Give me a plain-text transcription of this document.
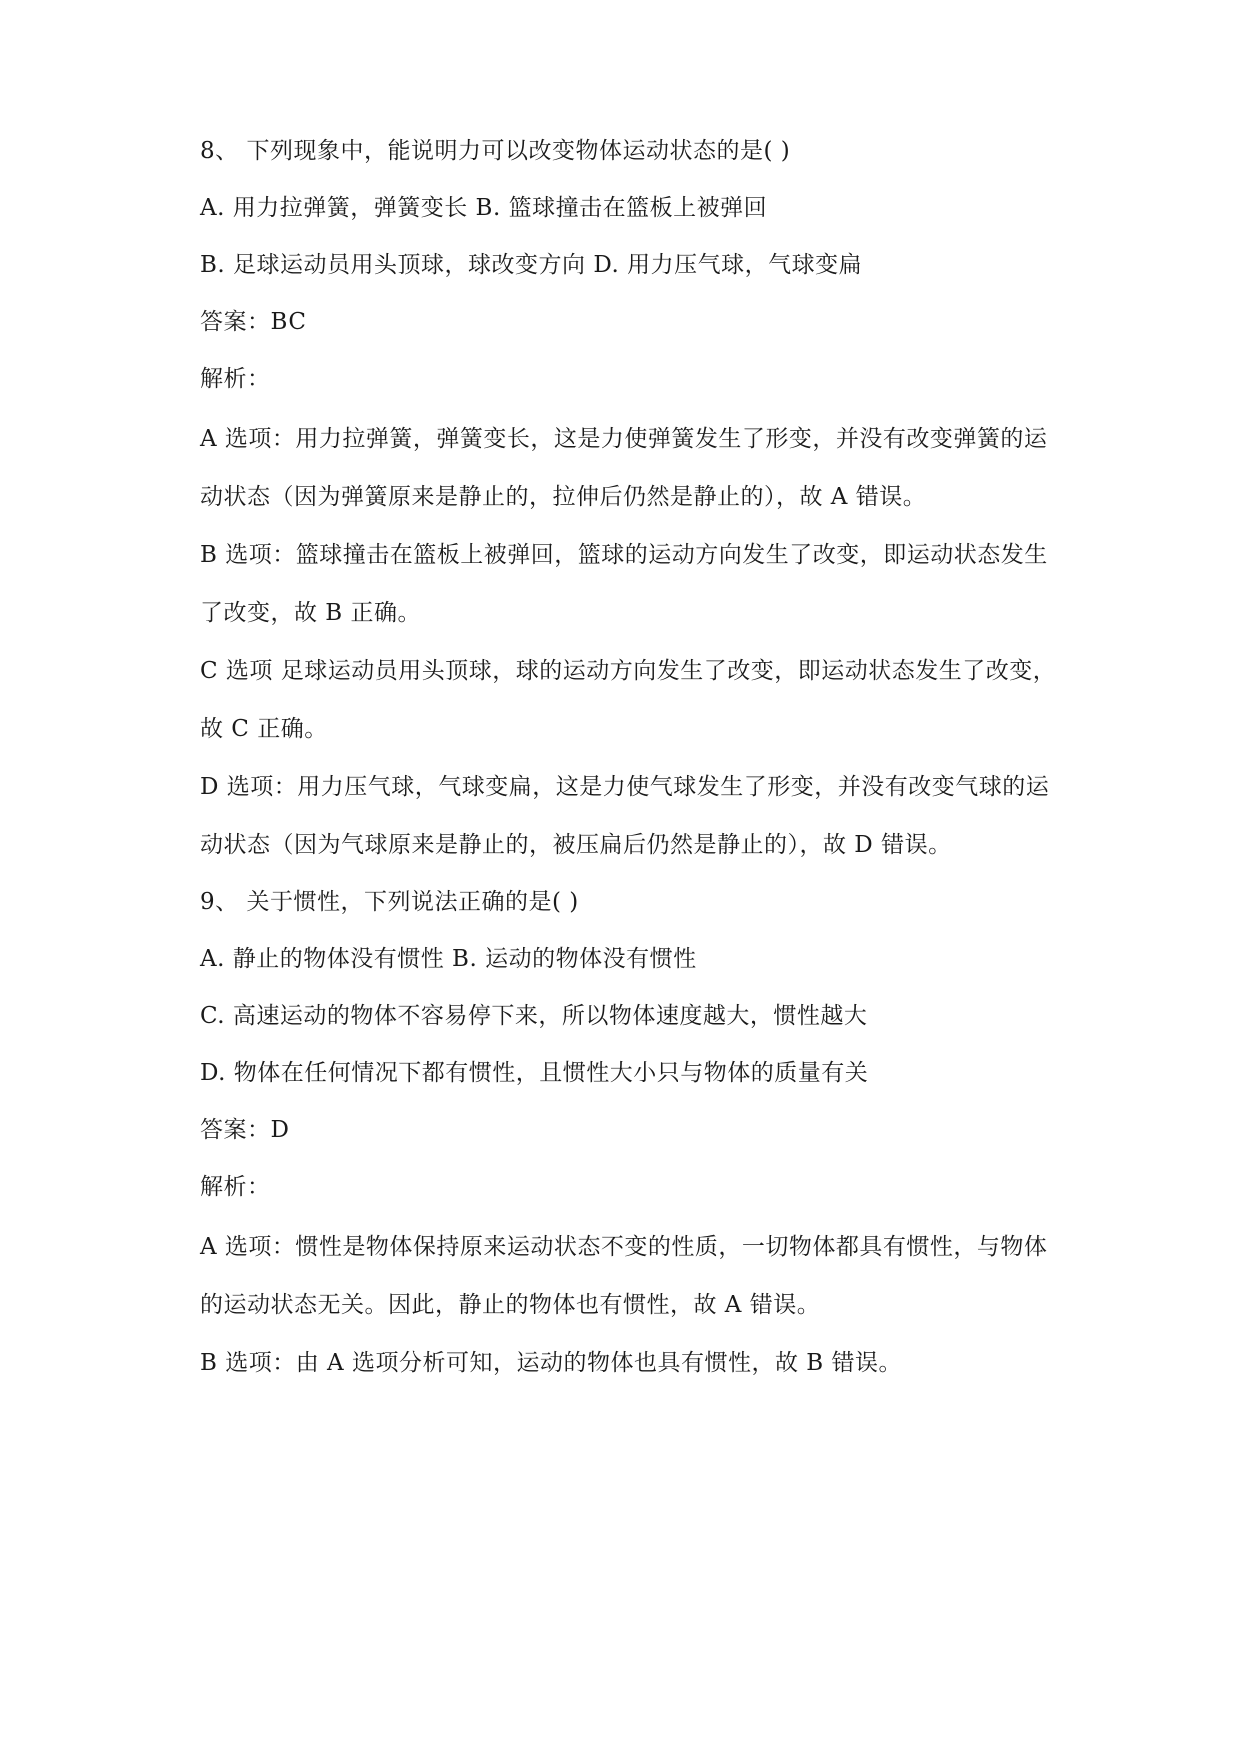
8、 下列现象中，能说明力可以改变物体运动状态的是( )
A. 用力拉弹簧，弹簧变长 B. 篮球撞击在篮板上被弹回
B. 足球运动员用头顶球，球改变方向 D. 用力压气球，气球变扁
答案：BC
解析：
A 选项：用力拉弹簧，弹簧变长，这是力使弹簧发生了形变，并没有改变弹簧的运
动状态（因为弹簧原来是静止的，拉伸后仍然是静止的），故 A 错误。
B 选项：篮球撞击在篮板上被弹回，篮球的运动方向发生了改变，即运动状态发生
了改变，故 B 正确。
C 选项 足球运动员用头顶球，球的运动方向发生了改变，即运动状态发生了改变，
故 C 正确。
D 选项：用力压气球，气球变扁，这是力使气球发生了形变，并没有改变气球的运
动状态（因为气球原来是静止的，被压扁后仍然是静止的），故 D 错误。
9、 关于惯性，下列说法正确的是( )
A. 静止的物体没有惯性 B. 运动的物体没有惯性
C. 高速运动的物体不容易停下来，所以物体速度越大，惯性越大
D. 物体在任何情况下都有惯性，且惯性大小只与物体的质量有关
答案：D
解析：
A 选项：惯性是物体保持原来运动状态不变的性质，一切物体都具有惯性，与物体
的运动状态无关。因此，静止的物体也有惯性，故 A 错误。
B 选项：由 A 选项分析可知，运动的物体也具有惯性，故 B 错误。
